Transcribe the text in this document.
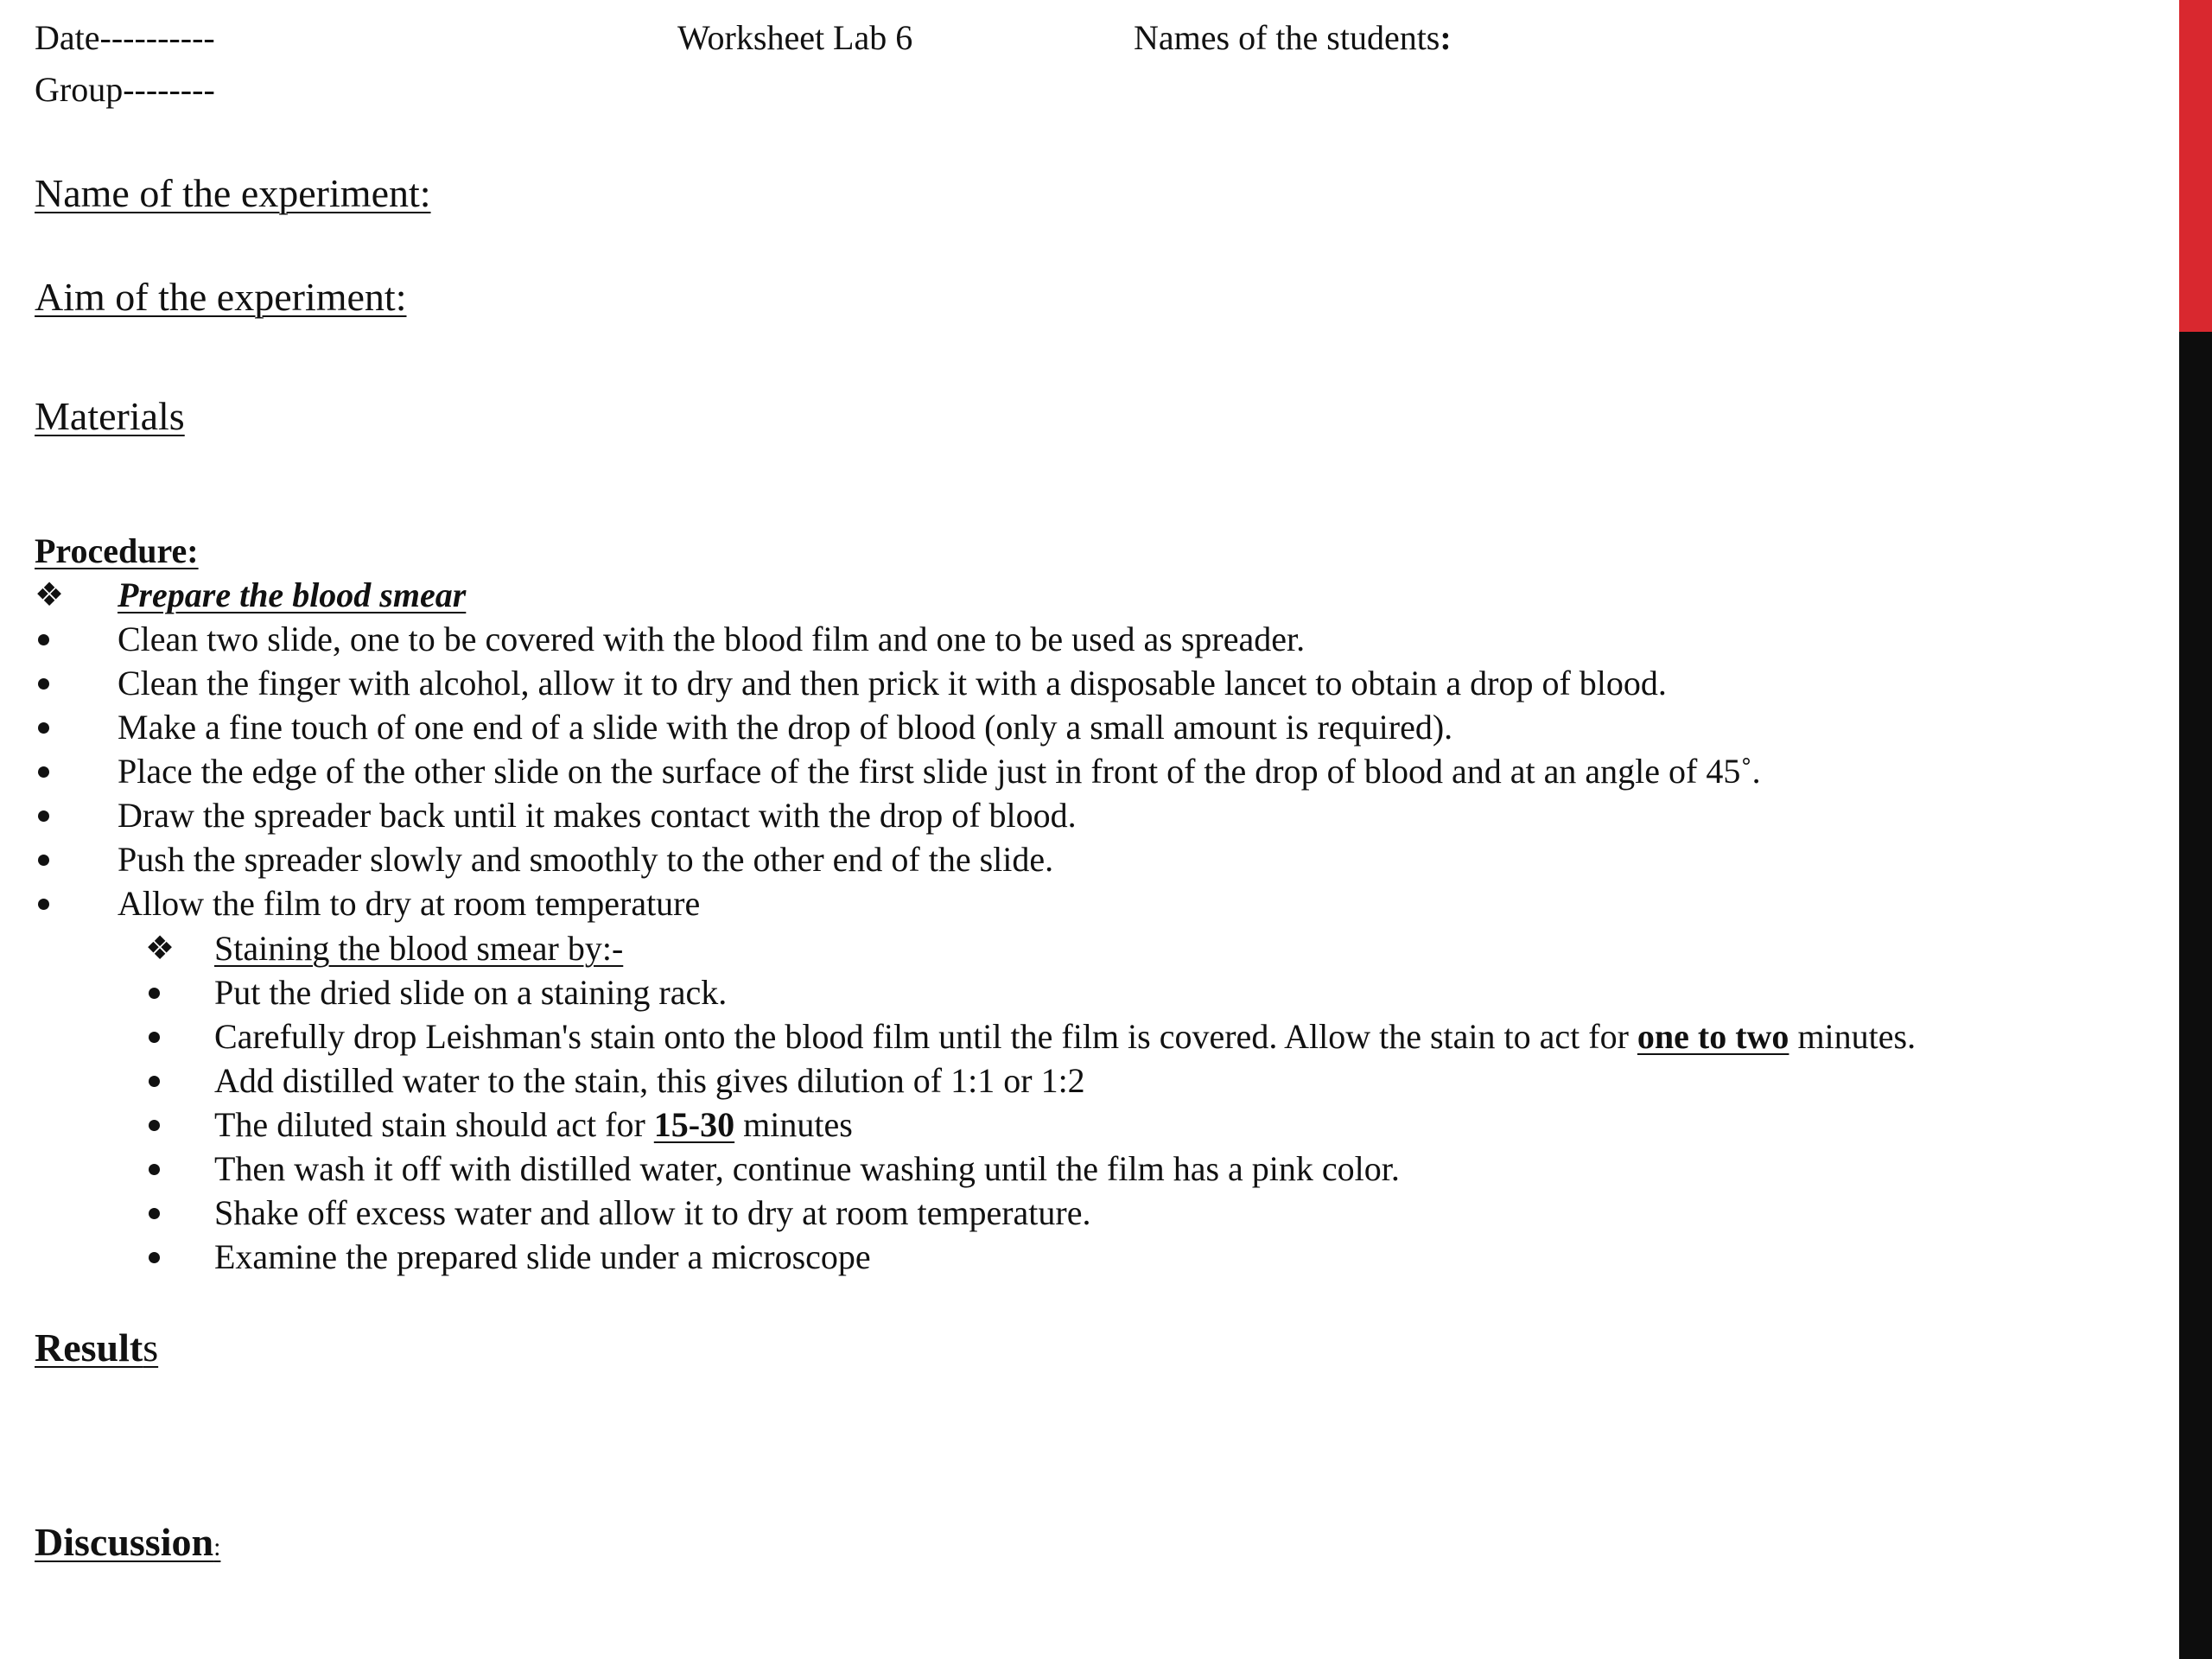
Date----------
Group--------
Worksheet Lab 6	Names of the students:
Name of the experiment:
Aim of the experiment:
Materials
Procedure:
❖ Prepare the blood smear
Clean two slide, one to be covered with the blood film and one to be used as spreader.
Clean the finger with alcohol, allow it to dry and then prick it with a disposable lancet to obtain a drop of blood.
Make a fine touch of one end of a slide with the drop of blood (only a small amount is required).
Place the edge of the other slide on the surface of the first slide just in front of the drop of blood and at an angle of 45˚.
Draw the spreader back until it makes contact with the drop of blood.
Push the spreader slowly and smoothly to the other end of the slide.
Allow the film to dry at room temperature
❖ Staining the blood smear by:-
Put the dried slide on a staining rack.
Carefully drop Leishman's stain onto the blood film until the film is covered. Allow the stain to act for one to two minutes.
Add distilled water to the stain, this gives dilution of 1:1 or 1:2
The diluted stain should act for 15-30 minutes
Then wash it off with distilled water, continue washing until the film has a pink color.
Shake off excess water and allow it to dry at room temperature.
Examine the prepared slide under a microscope
Results
Discussion:
